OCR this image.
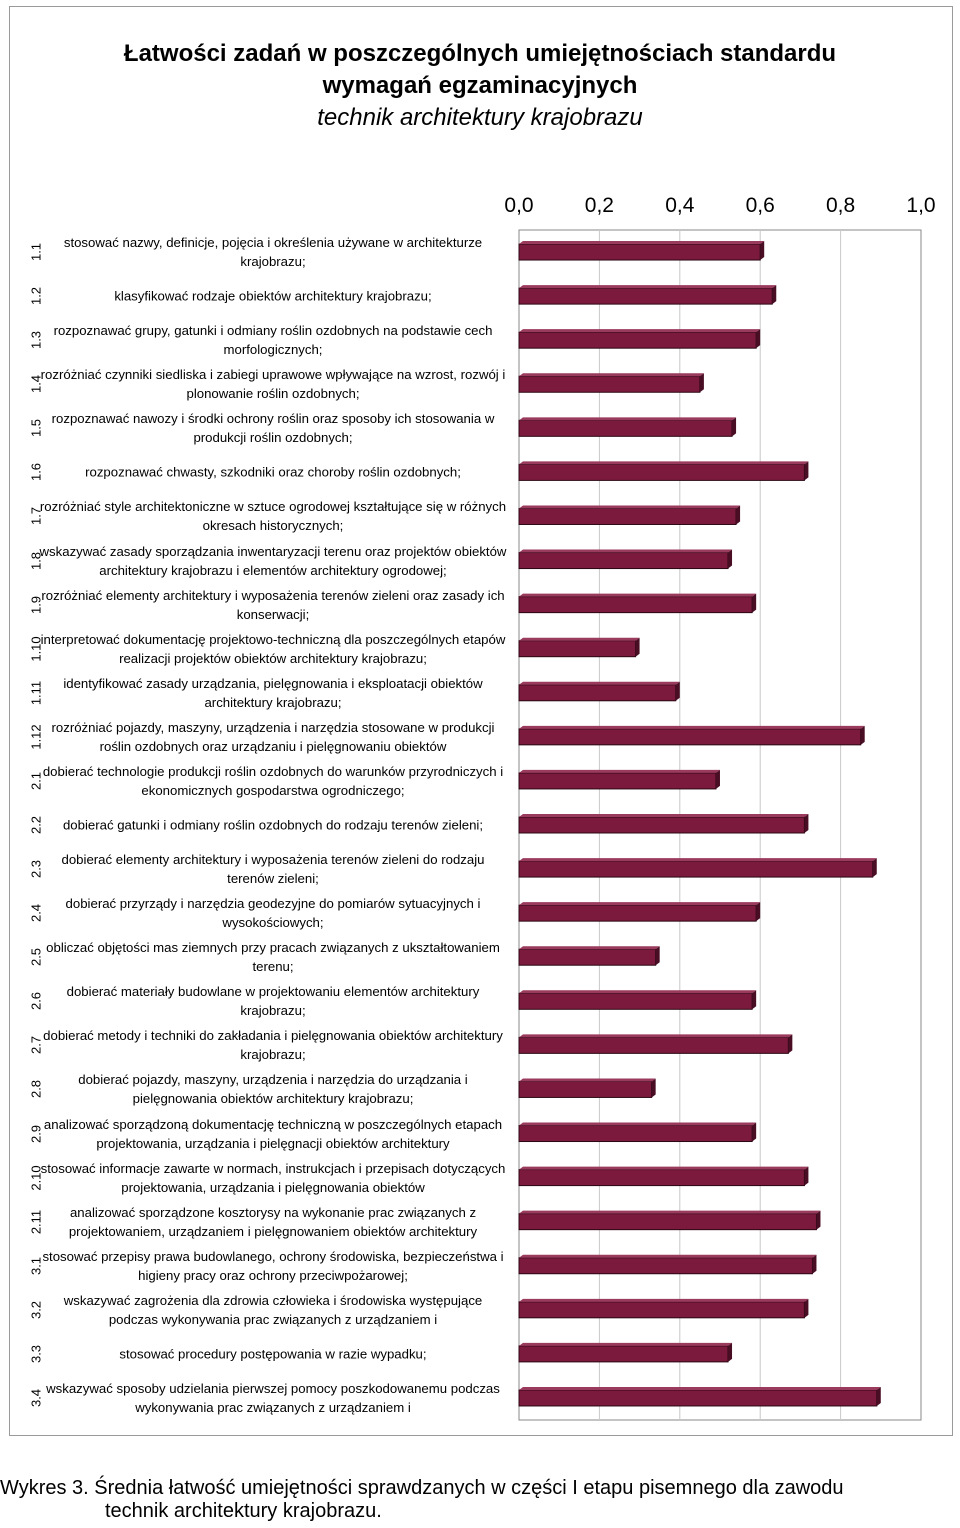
Łatwości zadań w poszczególnych umiejętnościach standardu
wymagań egzaminacyjnych
technik architektury krajobrazu
0,0 0,2 0,4 0,6 0,8 1,0
1.1
stosować nazwy, definicje, pojęcia i określenia używane w architekturze krajobrazu;
1.2	klasyfikować rodzaje obiektów architektury krajobrazu;
1.3
rozpoznawać grupy, gatunki i odmiany roślin ozdobnych na podstawie cech morfologicznych;
1.4
rozróżniać czynniki siedliska i zabiegi uprawowe wpływające na wzrost, rozwój i plonowanie roślin ozdobnych;
1.5
rozpoznawać nawozy i środki ochrony roślin oraz sposoby ich stosowania w produkcji roślin ozdobnych;
1.6	rozpoznawać chwasty, szkodniki oraz choroby roślin ozdobnych;
1.7
rozróżniać style architektoniczne w sztuce ogrodowej kształtujące się w różnych okresach historycznych;
1.8
wskazywać zasady sporządzania inwentaryzacji terenu oraz projektów obiektów architektury krajobrazu i elementów architektury ogrodowej;
1.9
rozróżniać elementy architektury i wyposażenia terenów zieleni oraz zasady ich konserwacji;
1.10
interpretować dokumentację projektowo-techniczną dla poszczególnych etapów realizacji projektów obiektów architektury krajobrazu;
1.11	identyfikować zasady urządzania, pielęgnowania i eksploatacji obiektów architektury krajobrazu;
1.12 rozróżniać pojazdy, maszyny, urządzenia i narzędzia stosowane w produkcji roślin ozdobnych oraz urządzaniu i pielęgnowaniu obiektów
2.1
dobierać technologie produkcji roślin ozdobnych do warunków przyrodniczych i ekonomicznych gospodarstwa ogrodniczego;
2.2	dobierać gatunki i odmiany roślin ozdobnych do rodzaju terenów zieleni;
2.3
dobierać elementy architektury i wyposażenia terenów zieleni do rodzaju terenów zieleni;
2.4
dobierać przyrządy i narzędzia geodezyjne do pomiarów sytuacyjnych i wysokościowych;
2.5
obliczać objętości mas ziemnych przy pracach związanych z ukształtowaniem terenu;
2.6
dobierać materiały budowlane w projektowaniu elementów architektury krajobrazu;
2.7
dobierać metody i techniki do zakładania i pielęgnowania obiektów architektury krajobrazu;
2.8
dobierać pojazdy, maszyny, urządzenia i narzędzia do urządzania i pielęgnowania obiektów architektury krajobrazu;
2.9
analizować sporządzoną dokumentację techniczną w poszczególnych etapach projektowania, urządzania i pielęgnacji obiektów architektury
2.10
stosować informacje zawarte w normach, instrukcjach i przepisach dotyczących projektowania, urządzania i pielęgnowania obiektów
2.11	analizować sporządzone kosztorysy na wykonanie prac związanych z projektowaniem, urządzaniem i pielęgnowaniem obiektów architektury
3.1
stosować przepisy prawa budowlanego, ochrony środowiska, bezpieczeństwa i higieny pracy oraz ochrony przeciwpożarowej;
3.2
wskazywać zagrożenia dla zdrowia człowieka i środowiska występujące podczas wykonywania prac związanych z urządzaniem i
3.3	stosować procedury postępowania w razie wypadku;
3.4
wskazywać sposoby udzielania pierwszej pomocy poszkodowanemu podczas wykonywania prac związanych z urządzaniem i
Wykres 3. Średnia łatwość umiejętności sprawdzanych w części I etapu pisemnego dla zawodu
technik architektury krajobrazu.
